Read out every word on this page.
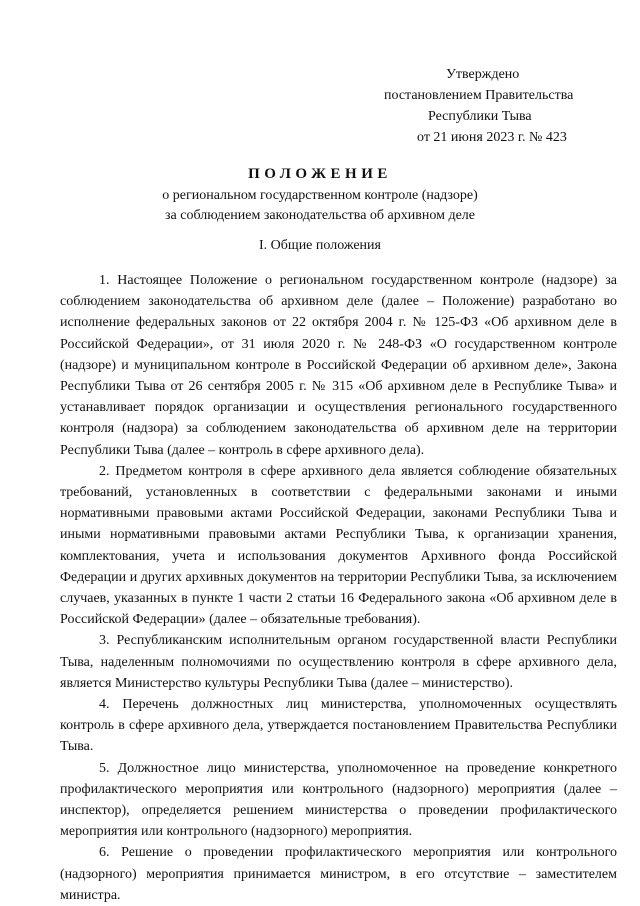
Утверждено
постановлением Правительства
Республики Тыва
от 21 июня 2023 г. № 423
ПОЛОЖЕНИЕ
о региональном государственном контроле (надзоре)
за соблюдением законодательства об архивном деле
I. Общие положения

1. Настоящее Положение о региональном государственном контроле (надзоре) за соблюдением законодательства об архивном деле (далее – Положение) разработано во исполнение федеральных законов от 22 октября 2004 г. № 125-ФЗ «Об архивном деле в Российской Федерации», от 31 июля 2020 г. № 248-ФЗ «О государственном контроле (надзоре) и муниципальном контроле в Российской Федерации об архивном деле», Закона Республики Тыва от 26 сентября 2005 г. № 315 «Об архивном деле в Республике Тыва» и устанавливает порядок организации и осуществления регионального государственного контроля (надзора) за соблюдением законодательства об архивном деле на территории Республики Тыва (далее – контроль в сфере архивного дела).

2. Предметом контроля в сфере архивного дела является соблюдение обязательных требований, установленных в соответствии с федеральными законами и иными нормативными правовыми актами Российской Федерации, законами Республики Тыва и иными нормативными правовыми актами Республики Тыва, к организации хранения, комплектования, учета и использования документов Архивного фонда Российской Федерации и других архивных документов на территории Республики Тыва, за исключением случаев, указанных в пункте 1 части 2 статьи 16 Федерального закона «Об архивном деле в Российской Федерации» (далее – обязательные требования).

3. Республиканским исполнительным органом государственной власти Республики Тыва, наделенным полномочиями по осуществлению контроля в сфере архивного дела, является Министерство культуры Республики Тыва (далее – министерство).

4. Перечень должностных лиц министерства, уполномоченных осуществлять контроль в сфере архивного дела, утверждается постановлением Правительства Республики Тыва.

5. Должностное лицо министерства, уполномоченное на проведение конкретного профилактического мероприятия или контрольного (надзорного) мероприятия (далее – инспектор), определяется решением министерства о проведении профилактического мероприятия или контрольного (надзорного) мероприятия.

6. Решение о проведении профилактического мероприятия или контрольного (надзорного) мероприятия принимается министром, в его отсутствие – заместителем министра.
